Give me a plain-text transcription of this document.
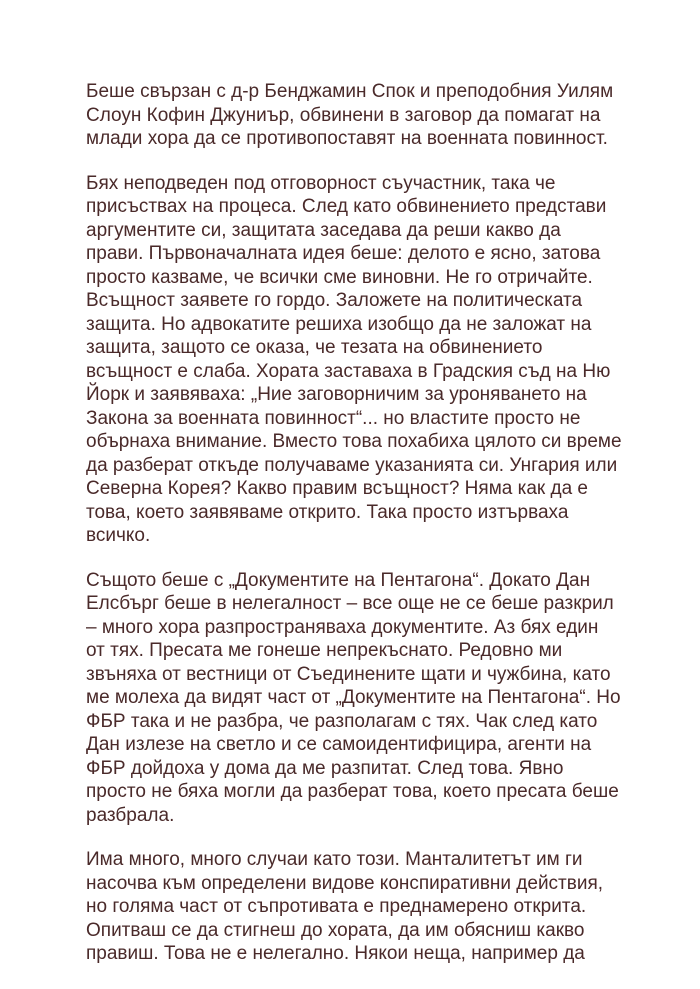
Беше свързан с д-р Бенджамин Спок и преподобния Уилям
Слоун Кофин Джуниър, обвинени в заговор да помагат на
млади хора да се противопоставят на военната повинност.

Бях неподведен под отговорност съучастник, така че
присъствах на процеса. След като обвинението представи
аргументите си, защитата заседава да реши какво да
прави. Първоначалната идея беше: делото е ясно, затова
просто казваме, че всички сме виновни. Не го отричайте.
Всъщност заявете го гордо. Заложете на политическата
защита. Но адвокатите решиха изобщо да не заложат на
защита, защото се оказа, че тезата на обвинението
всъщност е слаба. Хората заставаха в Градския съд на Ню
Йорк и заявяваха: „Ние заговорничим за уроняването на
Закона за военната повинност“... но властите просто не
обърнаха внимание. Вместо това похабиха цялото си време
да разберат откъде получаваме указанията си. Унгария или
Северна Корея? Какво правим всъщност? Няма как да е
това, което заявяваме открито. Така просто изтърваха
всичко.

Същото беше с „Документите на Пентагона“. Докато Дан
Елсбърг беше в нелегалност – все още не се беше разкрил
– много хора разпространяваха документите. Аз бях един
от тях. Пресата ме гонеше непрекъснато. Редовно ми
звъняха от вестници от Съединените щати и чужбина, като
ме молеха да видят част от „Документите на Пентагона“. Но
ФБР така и не разбра, че разполагам с тях. Чак след като
Дан излезе на светло и се самоидентифицира, агенти на
ФБР дойдоха у дома да ме разпитат. След това. Явно
просто не бяха могли да разберат това, което пресата беше
разбрала.

Има много, много случаи като този. Манталитетът им ги
насочва към определени видове конспиративни действия,
но голяма част от съпротивата е преднамерено открита.
Опитваш се да стигнеш до хората, да им обясниш какво
правиш. Това не е нелегално. Някои неща, например да
